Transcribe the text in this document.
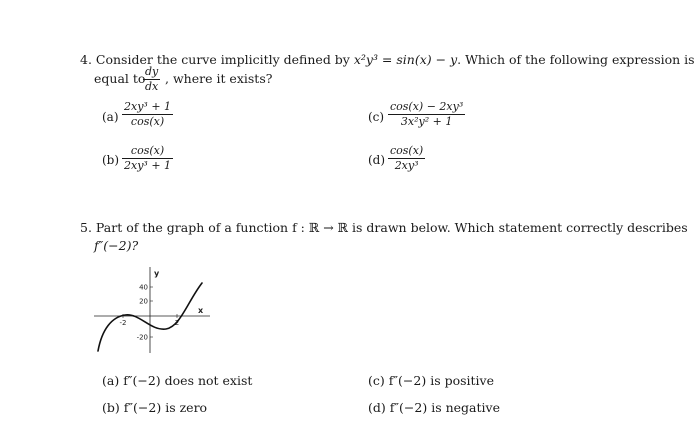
4. Consider the curve implicitly defined by x²y³ = sin(x) − y. Which of the following expression is
equal to
$\frac{dy}{dx}$ , where it exists?
$(a) \frac{\text{2xy³ + 1}}{\cos(x)}$
$(b) \frac{\cos(x)}{\text{2xy³ + 1}}$
$(c) \frac{\text{cos(x) − 2xy³}}{\text{3x²y² + 1}}$
$(d) \frac{\cos(x)}{\text{2xy³}}$
5. Part of the graph of a function f : ℝ → ℝ is drawn below. Which statement correctly describes
f″(−2)?
y
x
40
20
-20
-2	2
(a) f″(−2) does not exist
(b) f″(−2) is zero
(c) f″(−2) is positive
(d) f″(−2) is negative
